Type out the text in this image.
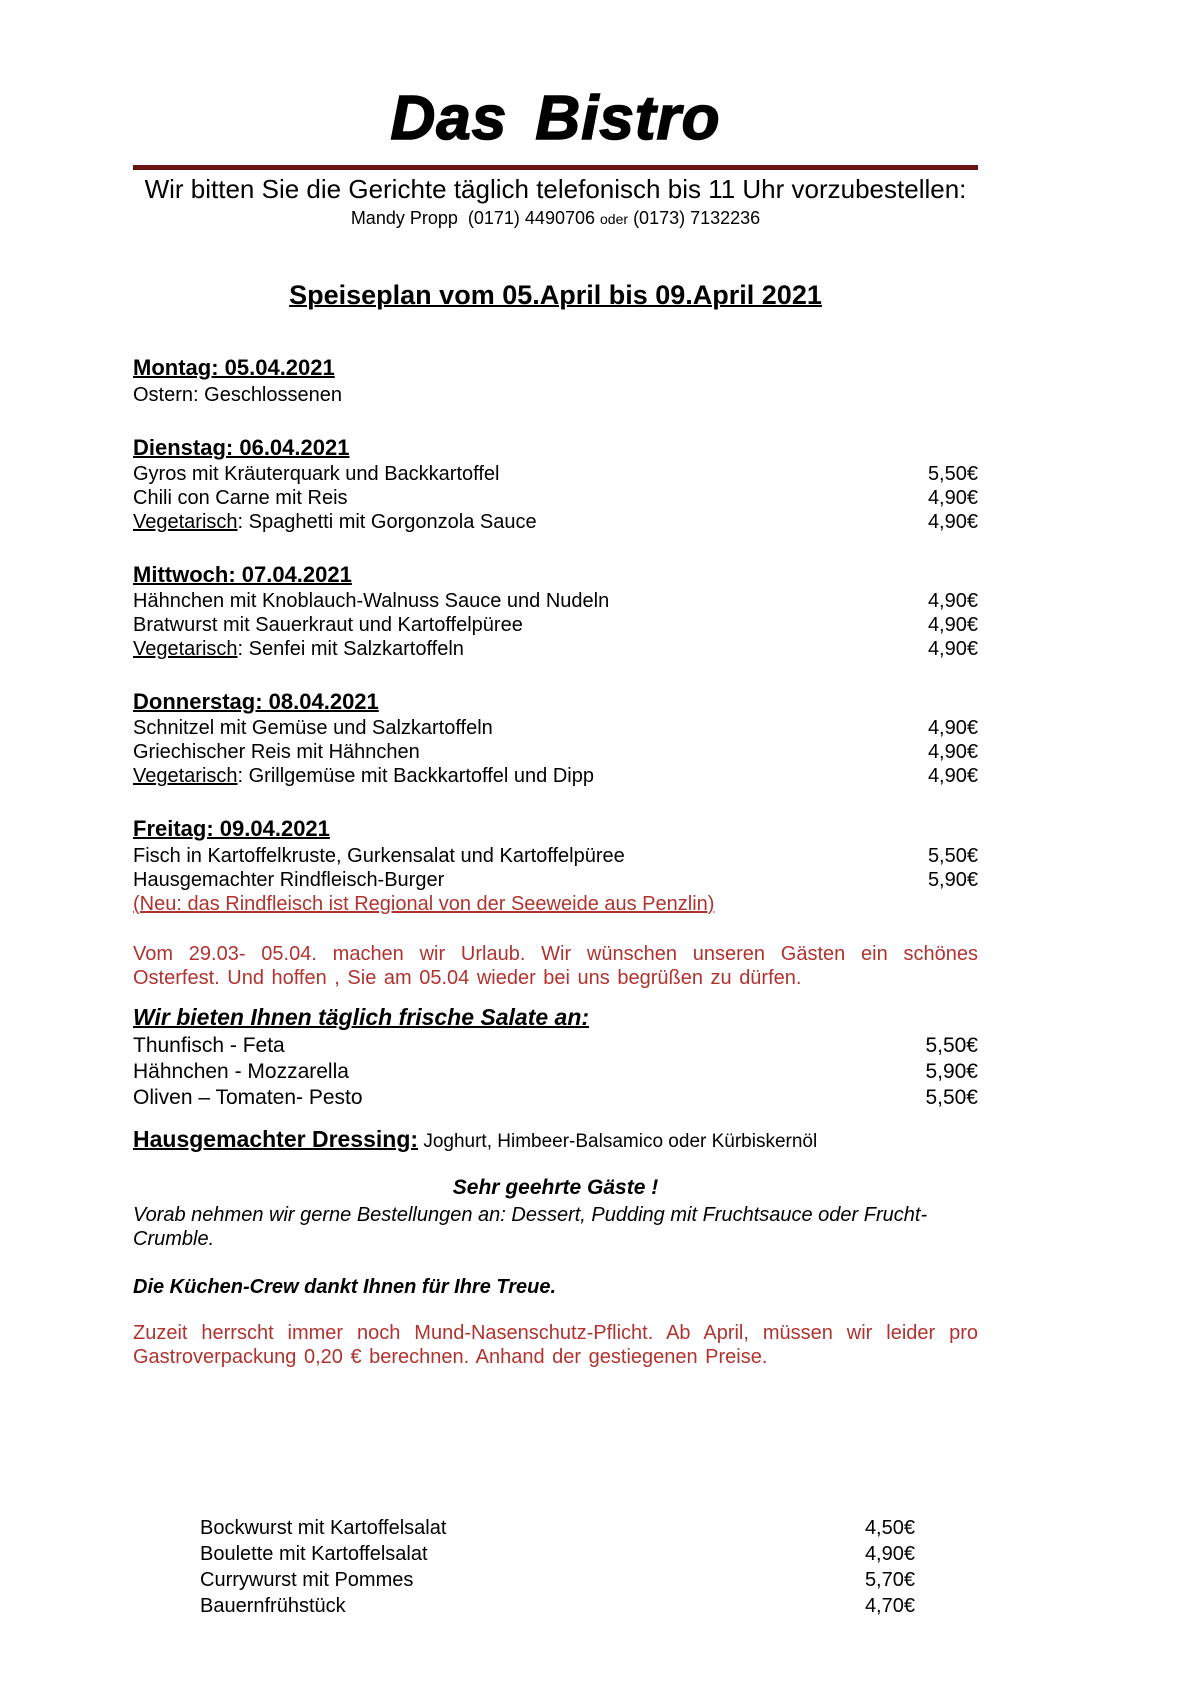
Das Bistro
Wir bitten Sie die Gerichte täglich telefonisch bis 11 Uhr vorzubestellen:
Mandy Propp (0171) 4490706 oder (0173) 7132236
Speiseplan vom 05.April bis 09.April 2021
Montag: 05.04.2021
Ostern: Geschlossenen
Dienstag: 06.04.2021
Gyros mit Kräuterquark und Backkartoffel	5,50€
Chili con Carne mit Reis	4,90€
Vegetarisch: Spaghetti mit Gorgonzola Sauce	4,90€
Mittwoch: 07.04.2021
Hähnchen mit Knoblauch-Walnuss Sauce und Nudeln	4,90€
Bratwurst mit Sauerkraut und Kartoffelpüree	4,90€
Vegetarisch: Senfei mit Salzkartoffeln	4,90€
Donnerstag: 08.04.2021
Schnitzel mit Gemüse und Salzkartoffeln	4,90€
Griechischer Reis mit Hähnchen	4,90€
Vegetarisch: Grillgemüse mit Backkartoffel und Dipp	4,90€
Freitag: 09.04.2021
Fisch in Kartoffelkruste, Gurkensalat und Kartoffelpüree	5,50€
Hausgemachter Rindfleisch-Burger	5,90€
(Neu: das Rindfleisch ist Regional von der Seeweide aus Penzlin)
Vom 29.03- 05.04. machen wir Urlaub. Wir wünschen unseren Gästen ein schönes Osterfest. Und hoffen , Sie am 05.04 wieder bei uns begrüßen zu dürfen.
Wir bieten Ihnen täglich frische Salate an:
Thunfisch - Feta	5,50€
Hähnchen - Mozzarella	5,90€
Oliven – Tomaten- Pesto	5,50€
Hausgemachter Dressing: Joghurt, Himbeer-Balsamico oder Kürbiskernöl
Sehr geehrte Gäste !
Vorab nehmen wir gerne Bestellungen an: Dessert, Pudding mit Fruchtsauce oder Frucht-Crumble.
Die Küchen-Crew dankt Ihnen für Ihre Treue.
Zuzeit herrscht immer noch Mund-Nasenschutz-Pflicht. Ab April, müssen wir leider pro Gastroverpackung 0,20 € berechnen. Anhand der gestiegenen Preise.
Bockwurst mit Kartoffelsalat	4,50€
Boulette mit Kartoffelsalat	4,90€
Currywurst mit Pommes	5,70€
Bauernfrühstück	4,70€
